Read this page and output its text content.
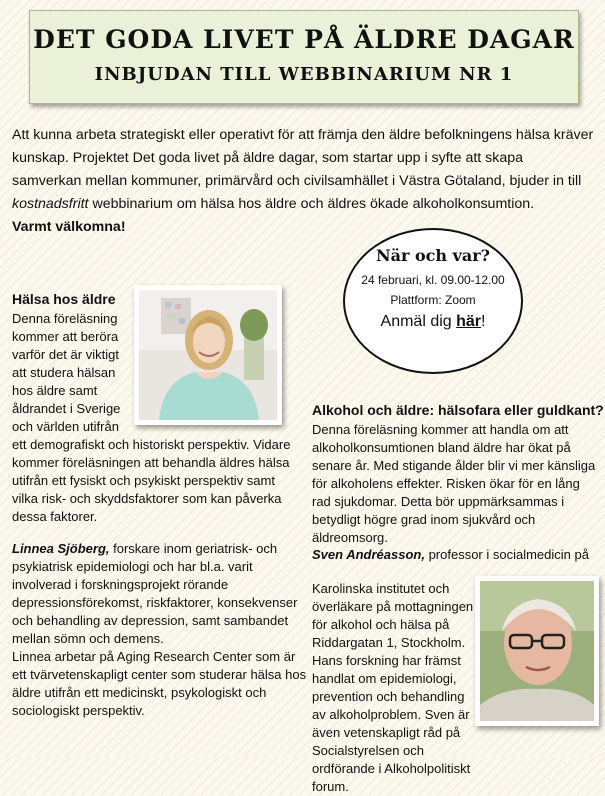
DET GODA LIVET PÅ ÄLDRE DAGAR
INBJUDAN TILL WEBBINARIUM NR 1
Att kunna arbeta strategiskt eller operativt för att främja den äldre befolkningens hälsa kräver kunskap. Projektet Det goda livet på äldre dagar, som startar upp i syfte att skapa samverkan mellan kommuner, primärvård och civilsamhället i Västra Götaland, bjuder in till kostnadsfritt webbinarium om hälsa hos äldre och äldres ökade alkoholkonsumtion.
Varmt välkomna!
När och var?
24 februari, kl. 09.00-12.00
Plattform: Zoom
Anmäl dig här!
Hälsa hos äldre
Denna föreläsning kommer att beröra varför det är viktigt att studera hälsan hos äldre samt åldrandet i Sverige och världen utifrån
ett demografiskt och historiskt perspektiv. Vidare kommer föreläsningen att behandla äldres hälsa utifrån ett fysiskt och psykiskt perspektiv samt vilka risk- och skyddsfaktorer som kan påverka dessa faktorer.
Linnea Sjöberg, forskare inom geriatrisk- och psykiatrisk epidemiologi och har bl.a. varit involverad i forskningsprojekt rörande depressionsförekomst, riskfaktorer, konsekvenser och behandling av depression, samt sambandet mellan sömn och demens.
Linnea arbetar på Aging Research Center som är ett tvärvetenskapligt center som studerar hälsa hos äldre utifrån ett medicinskt, psykologiskt och sociologiskt perspektiv.
Alkohol och äldre: hälsofara eller guldkant?
Denna föreläsning kommer att handla om att alkoholkonsumtionen bland äldre har ökat på senare år. Med stigande ålder blir vi mer känsliga för alkoholens effekter. Risken ökar för en lång rad sjukdomar. Detta bör uppmärksammas i betydligt högre grad inom sjukvård och äldreomsorg.
Sven Andréasson, professor i socialmedicin på
Karolinska institutet och överläkare på mottagningen för alkohol och hälsa på Riddargatan 1, Stockholm. Hans forskning har främst handlat om epidemiologi, prevention och behandling av alkoholproblem. Sven är även vetenskapligt råd på Socialstyrelsen och ordförande i Alkoholpolitiskt forum.
